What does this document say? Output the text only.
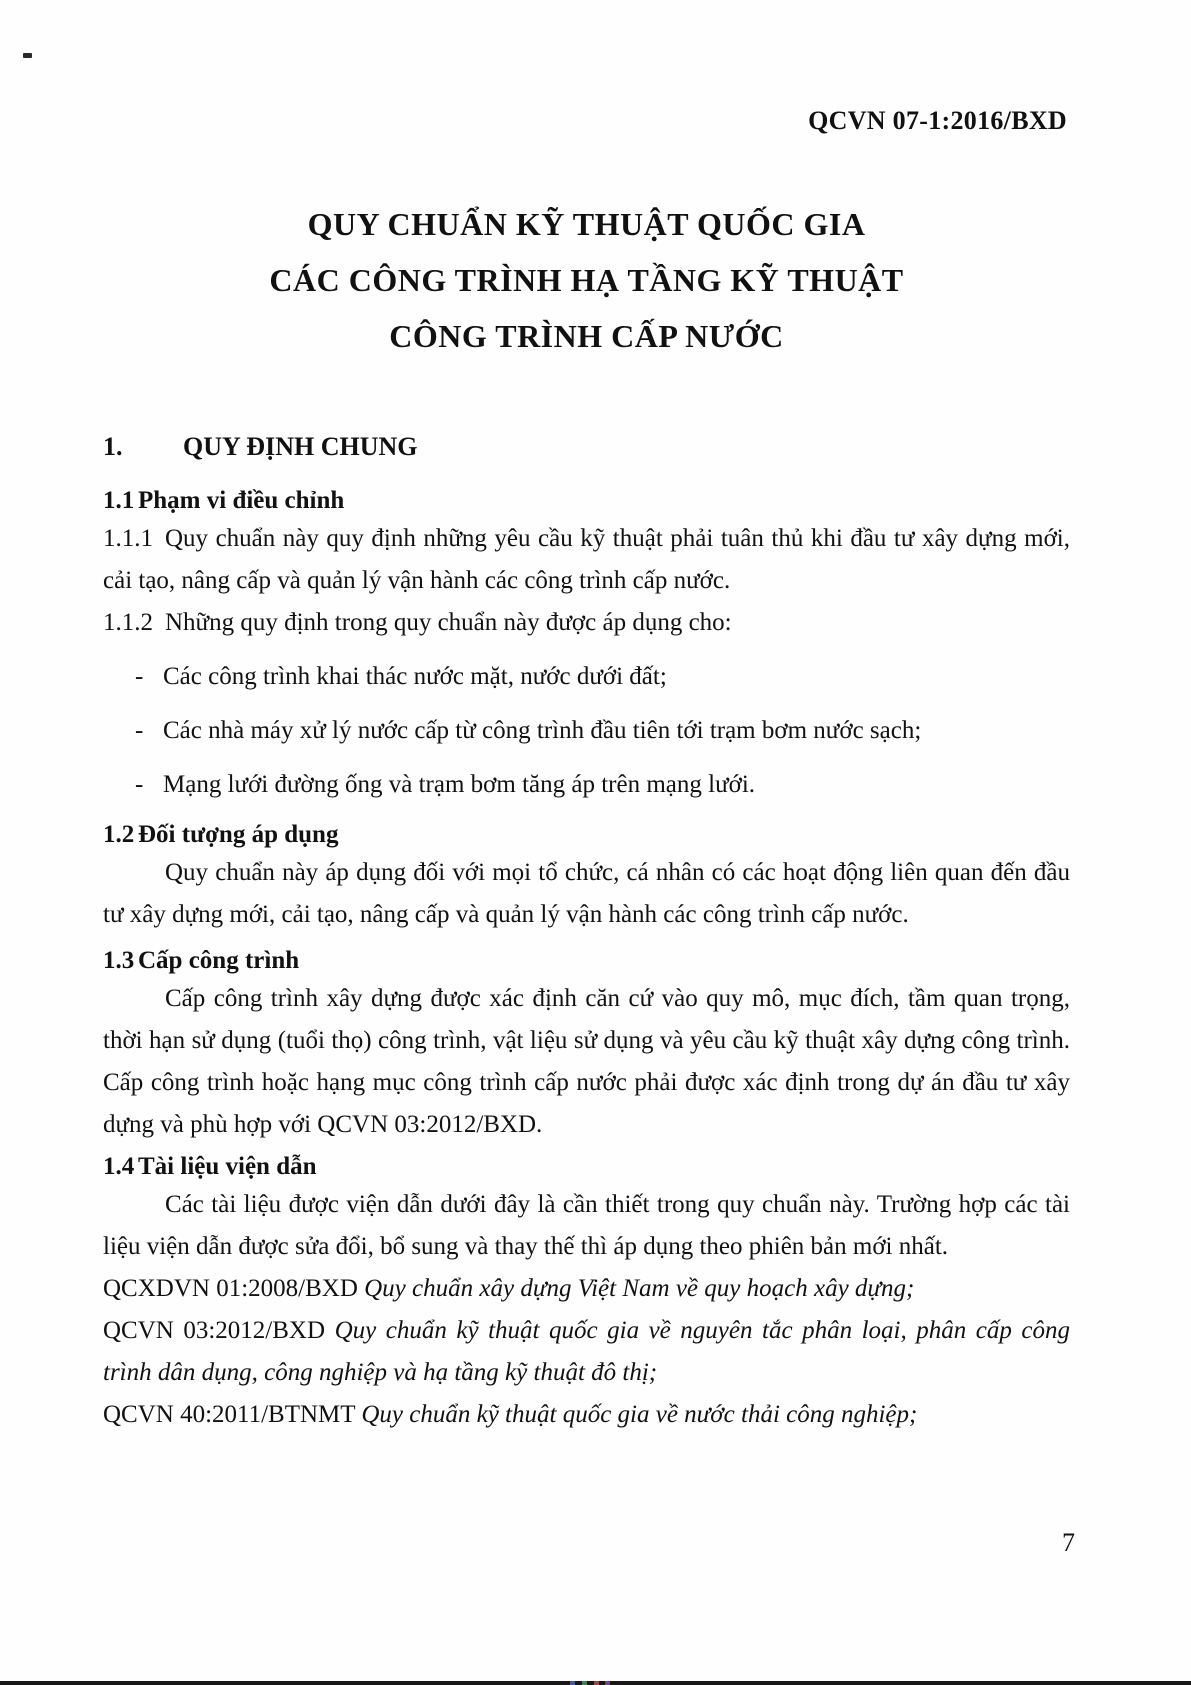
QCVN 07-1:2016/BXD
QUY CHUẨN KỸ THUẬT QUỐC GIA
CÁC CÔNG TRÌNH HẠ TẦNG KỸ THUẬT
CÔNG TRÌNH CẤP NƯỚC
1. QUY ĐỊNH CHUNG
1.1 Phạm vi điều chỉnh

1.1.1 Quy chuẩn này quy định những yêu cầu kỹ thuật phải tuân thủ khi đầu tư xây dựng mới, cải tạo, nâng cấp và quản lý vận hành các công trình cấp nước.

1.1.2 Những quy định trong quy chuẩn này được áp dụng cho:

- Các công trình khai thác nước mặt, nước dưới đất;

- Các nhà máy xử lý nước cấp từ công trình đầu tiên tới trạm bơm nước sạch;

- Mạng lưới đường ống và trạm bơm tăng áp trên mạng lưới.

1.2 Đối tượng áp dụng

Quy chuẩn này áp dụng đối với mọi tổ chức, cá nhân có các hoạt động liên quan đến đầu tư xây dựng mới, cải tạo, nâng cấp và quản lý vận hành các công trình cấp nước.

1.3 Cấp công trình

Cấp công trình xây dựng được xác định căn cứ vào quy mô, mục đích, tầm quan trọng, thời hạn sử dụng (tuổi thọ) công trình, vật liệu sử dụng và yêu cầu kỹ thuật xây dựng công trình. Cấp công trình hoặc hạng mục công trình cấp nước phải được xác định trong dự án đầu tư xây dựng và phù hợp với QCVN 03:2012/BXD.

1.4 Tài liệu viện dẫn

Các tài liệu được viện dẫn dưới đây là cần thiết trong quy chuẩn này. Trường hợp các tài liệu viện dẫn được sửa đổi, bổ sung và thay thế thì áp dụng theo phiên bản mới nhất.

QCXDVN 01:2008/BXD Quy chuẩn xây dựng Việt Nam về quy hoạch xây dựng;

QCVN 03:2012/BXD Quy chuẩn kỹ thuật quốc gia về nguyên tắc phân loại, phân cấp công trình dân dụng, công nghiệp và hạ tầng kỹ thuật đô thị;

QCVN 40:2011/BTNMT Quy chuẩn kỹ thuật quốc gia về nước thải công nghiệp;

7
